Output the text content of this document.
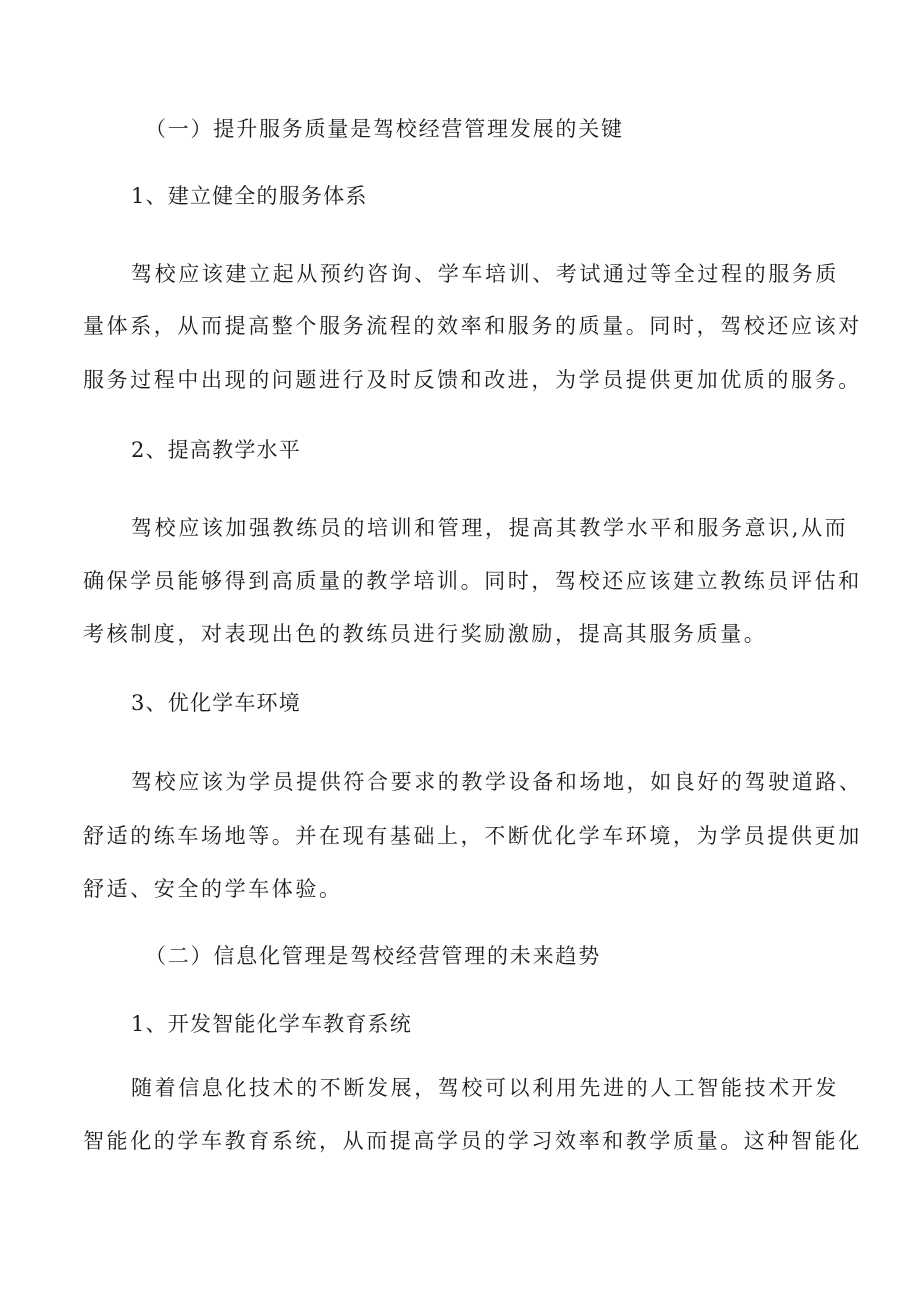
（一）提升服务质量是驾校经营管理发展的关键
1、建立健全的服务体系
驾校应该建立起从预约咨询、学车培训、考试通过等全过程的服务质
量体系，从而提高整个服务流程的效率和服务的质量。同时，驾校还应该对
服务过程中出现的问题进行及时反馈和改进，为学员提供更加优质的服务。
2、提高教学水平
驾校应该加强教练员的培训和管理，提高其教学水平和服务意识,从而
确保学员能够得到高质量的教学培训。同时，驾校还应该建立教练员评估和
考核制度，对表现出色的教练员进行奖励激励，提高其服务质量。
3、优化学车环境
驾校应该为学员提供符合要求的教学设备和场地，如良好的驾驶道路、
舒适的练车场地等。并在现有基础上，不断优化学车环境，为学员提供更加
舒适、安全的学车体验。
（二）信息化管理是驾校经营管理的未来趋势
1、开发智能化学车教育系统
随着信息化技术的不断发展，驾校可以利用先进的人工智能技术开发
智能化的学车教育系统，从而提高学员的学习效率和教学质量。这种智能化
